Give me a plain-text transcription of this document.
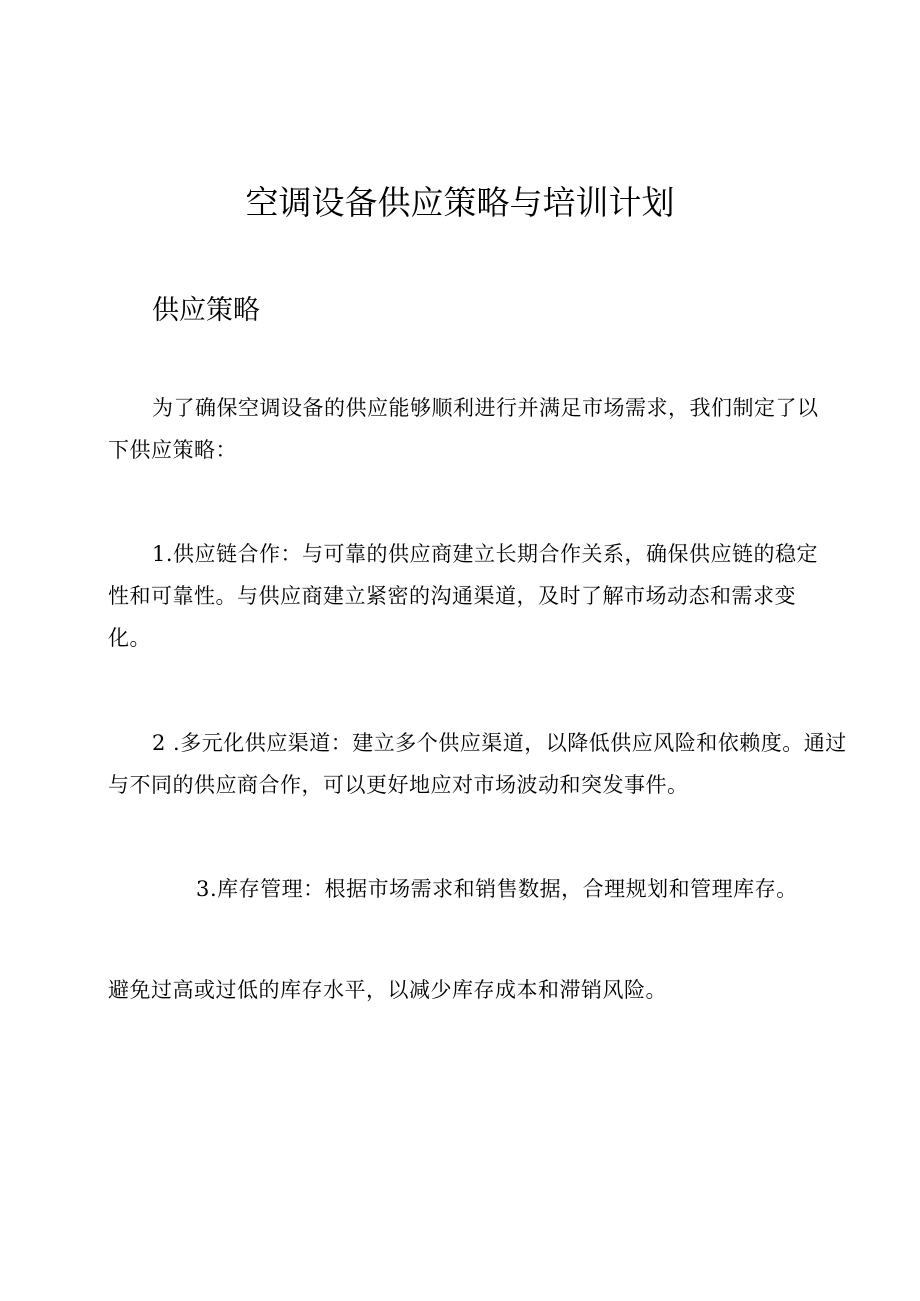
空调设备供应策略与培训计划
供应策略

为了确保空调设备的供应能够顺利进行并满足市场需求，我们制定了以下供应策略：

1.供应链合作：与可靠的供应商建立长期合作关系，确保供应链的稳定性和可靠性。与供应商建立紧密的沟通渠道，及时了解市场动态和需求变化。

2 .多元化供应渠道：建立多个供应渠道，以降低供应风险和依赖度。通过与不同的供应商合作，可以更好地应对市场波动和突发事件。

3.库存管理：根据市场需求和销售数据，合理规划和管理库存。

避免过高或过低的库存水平，以减少库存成本和滞销风险。
